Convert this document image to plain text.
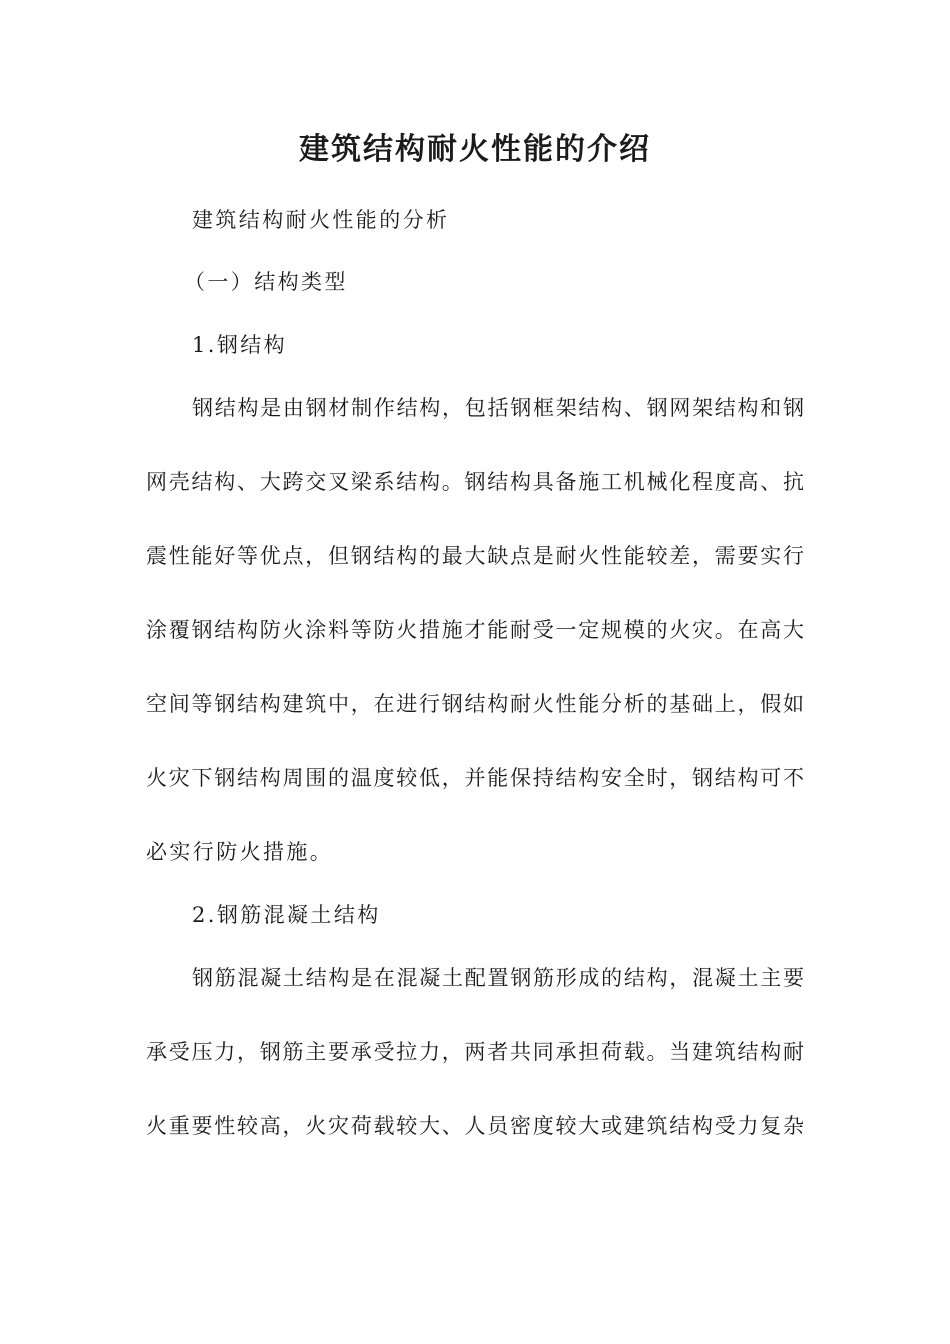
建筑结构耐火性能的介绍
建筑结构耐火性能的分析
（一）结构类型
1.钢结构
钢结构是由钢材制作结构，包括钢框架结构、钢网架结构和钢
网壳结构、大跨交叉梁系结构。钢结构具备施工机械化程度高、抗
震性能好等优点，但钢结构的最大缺点是耐火性能较差，需要实行
涂覆钢结构防火涂料等防火措施才能耐受一定规模的火灾。在高大
空间等钢结构建筑中，在进行钢结构耐火性能分析的基础上，假如
火灾下钢结构周围的温度较低，并能保持结构安全时，钢结构可不
必实行防火措施。
2.钢筋混凝土结构
钢筋混凝土结构是在混凝土配置钢筋形成的结构，混凝土主要
承受压力，钢筋主要承受拉力，两者共同承担荷载。当建筑结构耐
火重要性较高，火灾荷载较大、人员密度较大或建筑结构受力复杂
